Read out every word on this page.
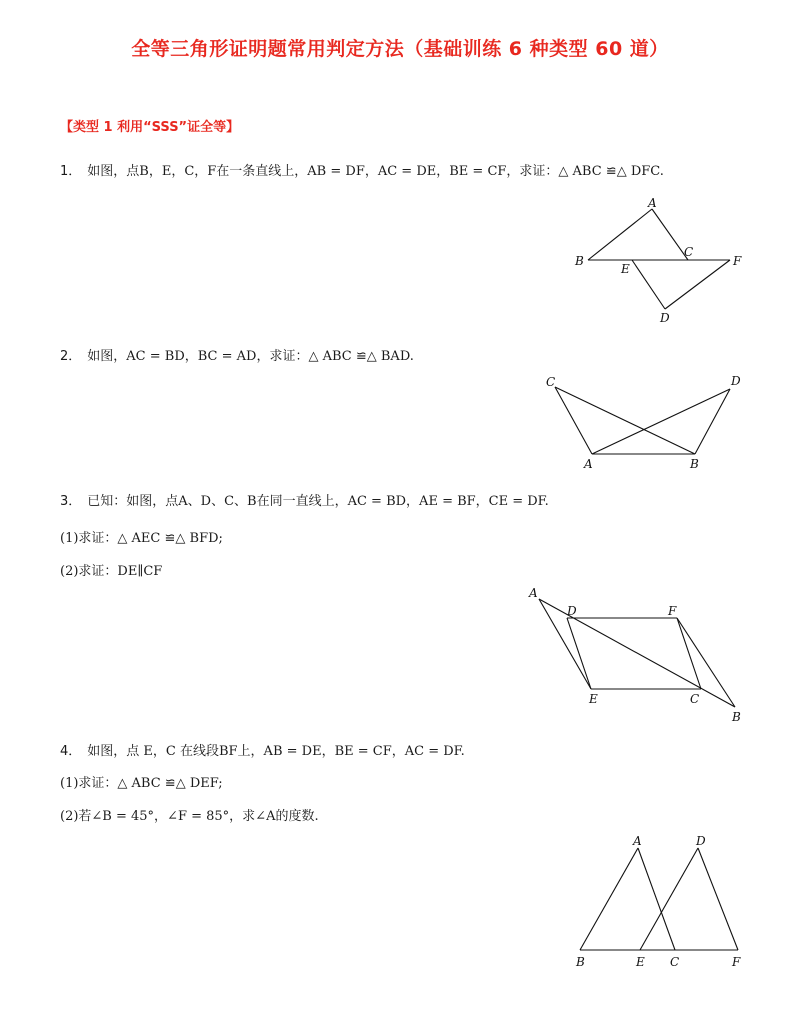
全等三角形证明题常用判定方法（基础训练 6 种类型 60 道）
【类型 1 利用“SSS”证全等】
1． 如图，点B，E，C，F在一条直线上，AB = DF，AC = DE，BE = CF，求证：△ ABC ≌△ DFC.
A
B
E
C
F
D
2． 如图，AC = BD，BC = AD，求证：△ ABC ≌△ BAD.
C	D
A	B
3． 已知：如图，点A、D、C、B在同一直线上，AC = BD，AE = BF，CE = DF.
(1)求证：△ AEC ≌△ BFD;
(2)求证：DE∥CF
A
D	F
E	C
B
4． 如图，点 E，C 在线段BF上，AB = DE，BE = CF，AC = DF.
(1)求证：△ ABC ≌△ DEF;
(2)若∠B = 45°，∠F = 85°，求∠A的度数.
A	D
B	E C	F
